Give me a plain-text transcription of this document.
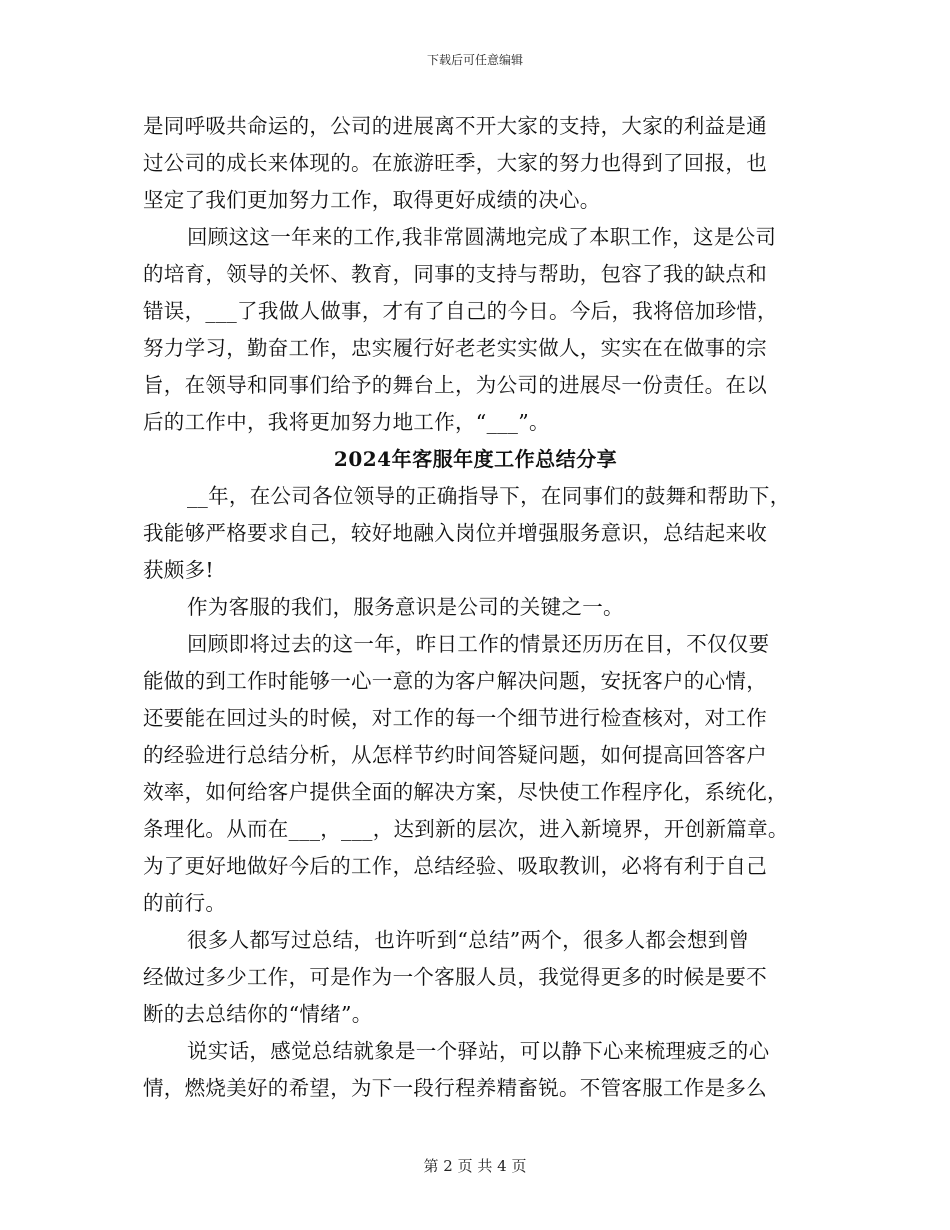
下载后可任意编辑
是同呼吸共命运的，公司的进展离不开大家的支持，大家的利益是通
过公司的成长来体现的。在旅游旺季，大家的努力也得到了回报，也
坚定了我们更加努力工作，取得更好成绩的决心。
回顾这这一年来的工作,我非常圆满地完成了本职工作，这是公司
的培育，领导的关怀、教育，同事的支持与帮助，包容了我的缺点和
错误，___了我做人做事，才有了自己的今日。今后，我将倍加珍惜，
努力学习，勤奋工作，忠实履行好老老实实做人，实实在在做事的宗
旨，在领导和同事们给予的舞台上，为公司的进展尽一份责任。在以
后的工作中，我将更加努力地工作，“___”。
2024年客服年度工作总结分享
__年，在公司各位领导的正确指导下，在同事们的鼓舞和帮助下，
我能够严格要求自己，较好地融入岗位并增强服务意识，总结起来收
获颇多!
作为客服的我们，服务意识是公司的关键之一。
回顾即将过去的这一年，昨日工作的情景还历历在目，不仅仅要
能做的到工作时能够一心一意的为客户解决问题，安抚客户的心情，
还要能在回过头的时候，对工作的每一个细节进行检查核对，对工作
的经验进行总结分析，从怎样节约时间答疑问题，如何提高回答客户
效率，如何给客户提供全面的解决方案，尽快使工作程序化，系统化，
条理化。从而在___，___，达到新的层次，进入新境界，开创新篇章。
为了更好地做好今后的工作，总结经验、吸取教训，必将有利于自己
的前行。
很多人都写过总结，也许听到“总结”两个，很多人都会想到曾
经做过多少工作，可是作为一个客服人员，我觉得更多的时候是要不
断的去总结你的“情绪”。
说实话，感觉总结就象是一个驿站，可以静下心来梳理疲乏的心
情，燃烧美好的希望，为下一段行程养精畜锐。不管客服工作是多么
第 2 页 共 4 页
